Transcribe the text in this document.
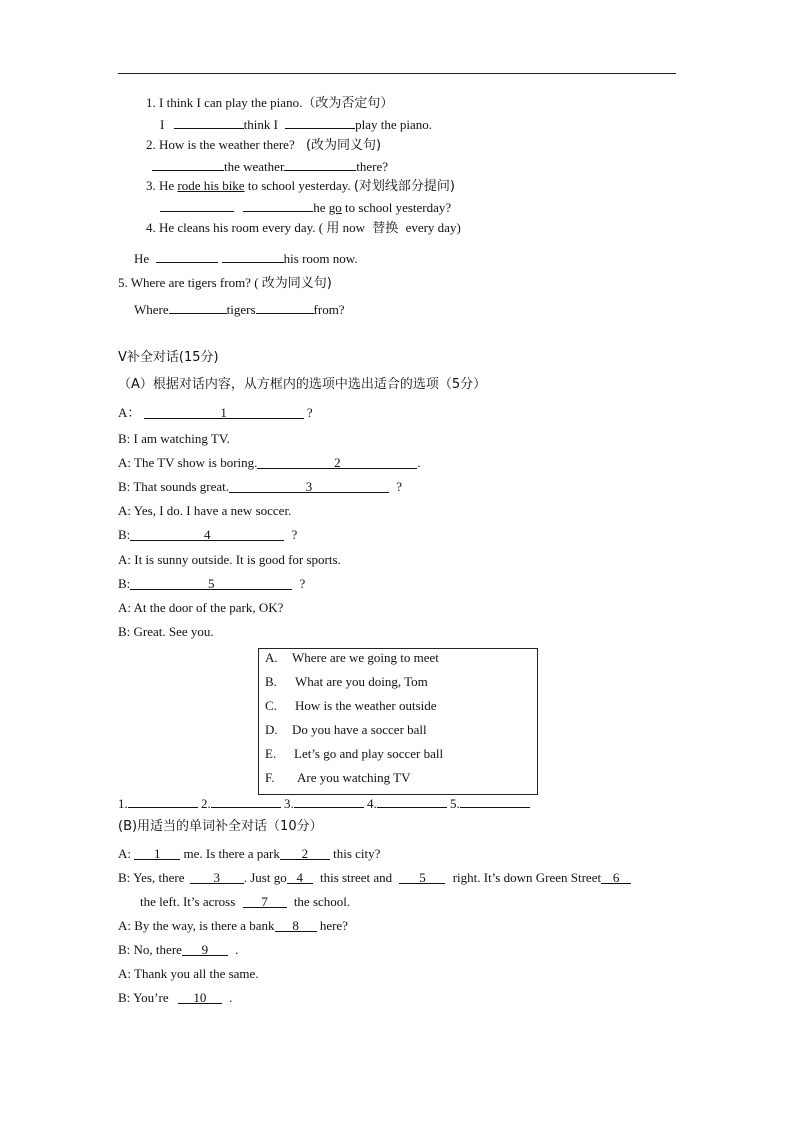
1. I think I can play the piano.（改为否定句）
I	think I	play the piano.
2. How is the weather there? (改为同义句)
the weather	there?
3. He rode his bike to school yesterday. (对划线部分提问)
he go to school yesterday?
4. He cleans his room every day. ( 用 now 替换 every day)
He	his room now.
5. Where are tigers from? ( 改为同义句)
Where	tigers	from?
Ⅴ补全对话(15分)
（A）根据对话内容，从方框内的选项中选出适合的选项（5分）
A：	1	?
B: I am watching TV.
A: The TV show is boring.	2	.
B: That sounds great.	3	?
A: Yes, I do. I have a new soccer.
B:	4	?
A: It is sunny outside. It is good for sports.
B:	5	?
A: At the door of the park, OK?
B: Great. See you.
A. Where are we going to meet
B. What are you doing, Tom
C. How is the weather outside
D. Do you have a soccer ball
E. Let’s go and play soccer ball
F. Are you watching TV
1.	2.	3.	4.	5.
(B)用适当的单词补全对话（10分）
A: 1 me. Is there a park 2 this city?
B: Yes, there 3 . Just go 4 this street and 5 right. It’s down Green Street 6
the left. It’s across 7 the school.
A: By the way, is there a bank 8 here?
B: No, there 9 .
A: Thank you all the same.
B: You’re 10 .
